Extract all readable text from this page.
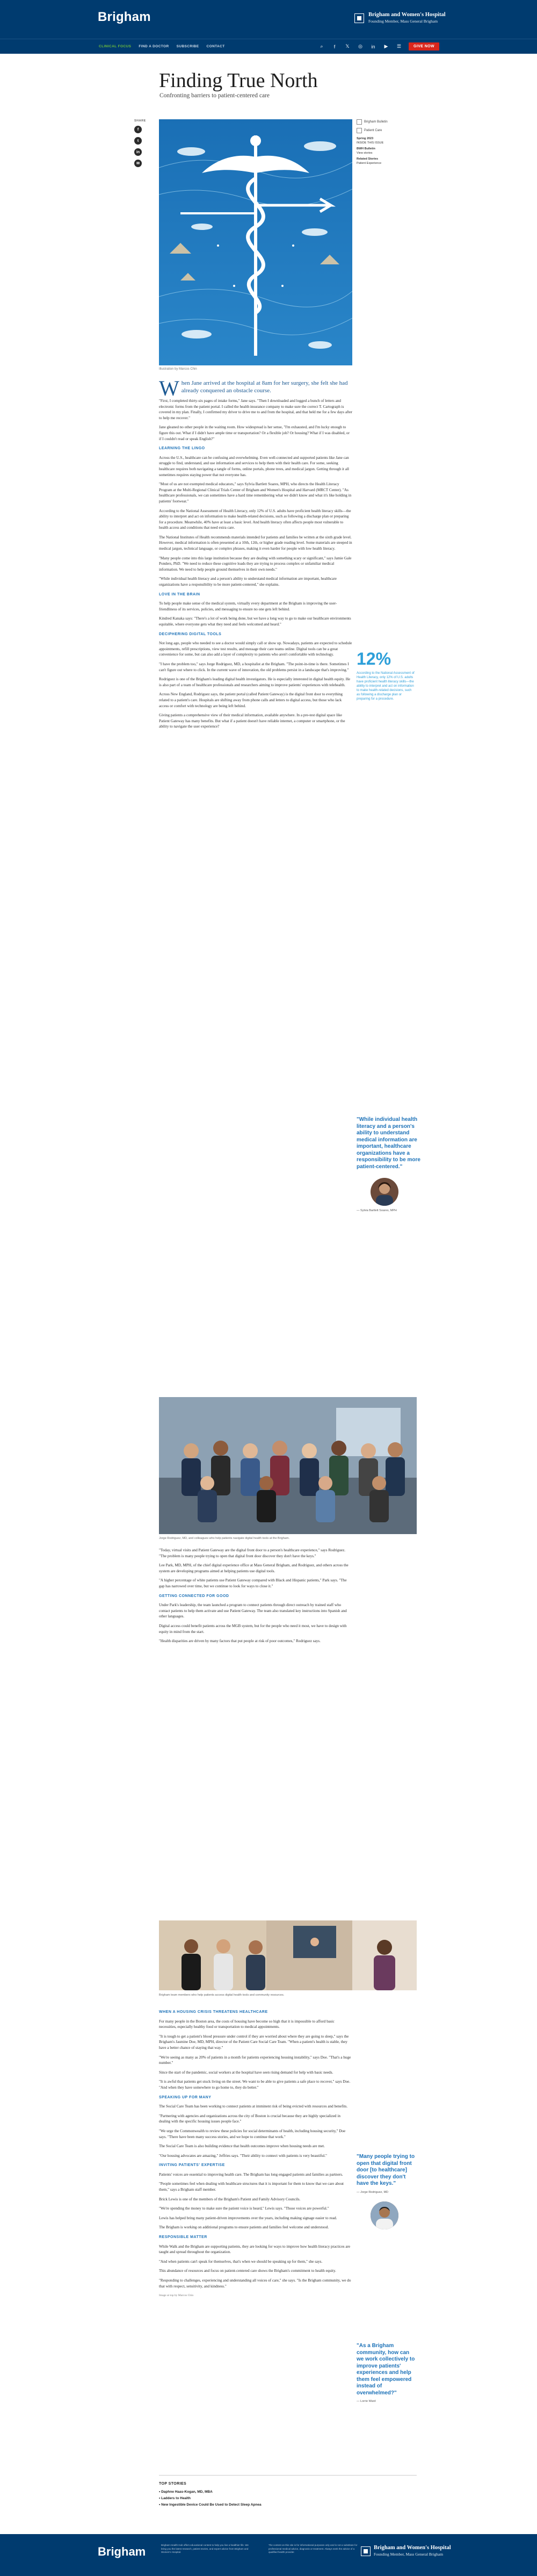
Brigham	Brigham and Women's Hospital
Founding Member, Mass General Brigham
CLINICAL FOCUS FIND A DOCTOR SUBSCRIBE CONTACT	⌕	f	𝕏 ◎ in ▶ ☰	GIVE NOW
Finding True North

Confronting barriers to patient-centered care

SHARE
f
t
in
✉

Illustration by Marcos Chin

Brigham Bulletin
Patient Care

Spring 2023
INSIDE THIS ISSUE

BWH Bulletin
View stories

Related Stories
Patient Experience

When Jane arrived at the hospital at 8am for her surgery, she felt she had already conquered an obstacle course.

"First, I completed thirty-six pages of intake forms," Jane says. "Then I downloaded and logged a bunch of letters and electronic forms from the patient portal. I called the health insurance company to make sure the correct T. Cartograph is covered in my plan. Finally, I confirmed my driver to drive me to and from the hospital, and that held me for a few days after to help me recover."

Jane gleaned no other people in the waiting room. How widespread is her sense, "I'm exhausted, and I'm lucky enough to figure this out. What if I didn't have ample time or transportation? Or a flexible job? Or housing? What if I was disabled, or if I couldn't read or speak English?"

LEARNING THE LINGO

Across the U.S., healthcare can be confusing and overwhelming. Even well-connected and supported patients like Jane can struggle to find, understand, and use information and services to help them with their health care. For some, seeking healthcare requires both navigating a tangle of forms, online portals, phone trees, and medical jargon. Getting through it all sometimes requires staying power that not everyone has.

"Most of us are not exempted medical educators," says Sylvia Bartlett Soares, MPH, who directs the Health Literacy Program at the Multi-Regional Clinical Trials Center of Brigham and Women's Hospital and Harvard (MRCT Center). "As healthcare professionals, we can sometimes have a hard time remembering what we didn't know and what it's like holding in patients' footwear."

According to the National Assessment of Health Literacy, only 12% of U.S. adults have proficient health literacy skills—the ability to interpret and act on information to make health-related decisions, such as following a discharge plan or preparing for a procedure. Meanwhile, 40% have at least a basic level. And health literacy often affects people most vulnerable to health access and conditions that need extra care.

The National Institutes of Health recommends materials intended for patients and families be written at the sixth grade level. However, medical information is often presented at a 10th, 12th, or higher grade reading level. Some materials are steeped in medical jargon, technical language, or complex phrases, making it even harder for people with low health literacy.

"Many people come into this large institution because they are dealing with something scary or significant," says Jamie Gale Ponders, PhD. "We need to reduce these cognitive loads they are trying to process complex or unfamiliar medical information. We need to help people ground themselves in their own needs."

"While individual health literacy and a person's ability to understand medical information are important, healthcare organizations have a responsibility to be more patient-centered," she explains.

LOVE IN THE BRAIN

To help people make sense of the medical system, virtually every department at the Brigham is improving the user-friendliness of its services, policies, and messaging to ensure no one gets left behind.

Kindred Kanaka says: "There's a lot of work being done, but we have a long way to go to make our healthcare environments equitable, where everyone gets what they need and feels welcomed and heard."

DECIPHERING DIGITAL TOOLS

Not long ago, people who needed to see a doctor would simply call or show up. Nowadays, patients are expected to schedule appointments, refill prescriptions, view test results, and message their care teams online. Digital tools can be a great convenience for some, but can also add a layer of complexity to patients who aren't comfortable with technology.

"I have the problem too," says Jorge Rodriguez, MD, a hospitalist at the Brigham. "The point-in-time is there. Sometimes I can't figure out where to click. In the current wave of innovation, the old problems persist in a landscape that's improving."

Rodriguez is one of the Brigham's leading digital health investigators. He is especially interested in digital health equity. He is also part of a team of healthcare professionals and researchers aiming to improve patients' experiences with telehealth.

Across New England, Rodriguez says, the patient portal (called Patient Gateway) is the digital front door to everything related to a patient's care. Hospitals are shifting away from phone calls and letters to digital access, but those who lack access or comfort with technology are being left behind.

Giving patients a comprehensive view of their medical information, available anywhere. In a pre-test digital space like Patient Gateway has many benefits. But what if a patient doesn't have reliable internet, a computer or smartphone, or the ability to navigate the user experience?

12%
According to the National Assessment of Health Literacy, only 12% of U.S. adults have proficient health literacy skills—the ability to interpret and act on information to make health-related decisions, such as following a discharge plan or preparing for a procedure.
"While individual health literacy and a person's ability to understand medical information are important, healthcare organizations have a responsibility to be more patient-centered."
— Sylvia Bartlett Soares, MPH

"Today, virtual visits and Patient Gateway are the digital front door to a person's healthcare experience," says Rodriguez. "The problem is many people trying to open that digital front door discover they don't have the keys."

Lee Park, MD, MPH, of the chief digital experience office at Mass General Brigham, and Rodriguez, and others across the system are developing programs aimed at helping patients use digital tools.

"A higher percentage of white patients use Patient Gateway compared with Black and Hispanic patients," Park says. "The gap has narrowed over time, but we continue to look for ways to close it."

GETTING CONNECTED FOR GOOD

Under Park's leadership, the team launched a program to connect patients through direct outreach by trained staff who contact patients to help them activate and use Patient Gateway. The team also translated key instructions into Spanish and other languages.

Digital access could benefit patients across the MGB system, but for the people who need it most, we have to design with equity in mind from the start.

"Health disparities are driven by many factors that put people at risk of poor outcomes," Rodriguez says.

Jorge Rodriguez, MD, and colleagues who help patients navigate digital health tools at the Brigham.

Brigham team members who help patients access digital health tools and community resources.

WHEN A HOUSING CRISIS THREATENS HEALTHCARE

For many people in the Boston area, the costs of housing have become so high that it is impossible to afford basic necessities, especially healthy food or transportation to medical appointments.

"It is tough to get a patient's blood pressure under control if they are worried about where they are going to sleep," says the Brigham's Jasmine Doe, MD, MPH, director of the Patient Care Social Care Team. "When a patient's health is stable, they have a better chance of staying that way."

"We're seeing as many as 20% of patients in a month for patients experiencing housing instability," says Doe. "That's a huge number."

Since the start of the pandemic, social workers at the hospital have seen rising demand for help with basic needs.

"It is awful that patients get stuck living on the street. We want to be able to give patients a safe place to recover," says Doe. "And when they have somewhere to go home to, they do better."

SPEAKING UP FOR MANY

The Social Care Team has been working to connect patients at imminent risk of being evicted with resources and benefits.

"Partnering with agencies and organizations across the city of Boston is crucial because they are highly specialized in dealing with the specific housing issues people face."

"We urge the Commonwealth to review these policies for social determinants of health, including housing security," Doe says. "There have been many success stories, and we hope to continue that work."

The Social Care Team is also building evidence that health outcomes improve when housing needs are met.

"Our housing advocates are amazing," Jeffries says. "Their ability to connect with patients is very beautiful."

INVITING PATIENTS' EXPERTISE

Patients' voices are essential to improving health care. The Brigham has long engaged patients and families as partners.

"People sometimes feel when dealing with healthcare structures that it is important for them to know that we care about them," says a Brigham staff member.

Brick Lewis is one of the members of the Brigham's Patient and Family Advisory Councils.

"We're spending the money to make sure the patient voice is heard," Lewis says. "Those voices are powerful."

Lewis has helped bring many patient-driven improvements over the years, including making signage easier to read.

The Brigham is working on additional programs to ensure patients and families feel welcome and understood.

RESPONSIBLE MATTER

While Walk and the Brigham are supporting patients, they are looking for ways to improve how health literacy practices are taught and spread throughout the organization.

"And when patients can't speak for themselves, that's when we should be speaking up for them," she says.

This abundance of resources and focus on patient-centered care shows the Brigham's commitment to health equity.

"Responding to challenges, experiencing and understanding all voices of care," she says. "Is the Brigham community, we do that with respect, sensitivity, and kindness."

Image at top by Marcos Chin

"Many people trying to open that digital front door [to healthcare] discover they don't have the keys."
— Jorge Rodriguez, MD
"As a Brigham community, how can we work collectively to improve patients' experiences and help them feel empowered instead of overwhelmed?"
— Lorrie Ward
TOP STORIES
• Daphne Haas-Kogan, MD, MBA
• Ladders to Health
• New Ingestible Device Could Be Used to Detect Sleep Apnea
Brigham	Brigham Health Hub offers educational content to help you live a healthier life. We bring you the latest research, patient stories, and expert advice from Brigham and Women's Hospital.

The content on this site is for informational purposes only and is not a substitute for professional medical advice, diagnosis or treatment. Always seek the advice of a qualified health provider.

Brigham and Women's Hospital
Founding Member, Mass General Brigham
